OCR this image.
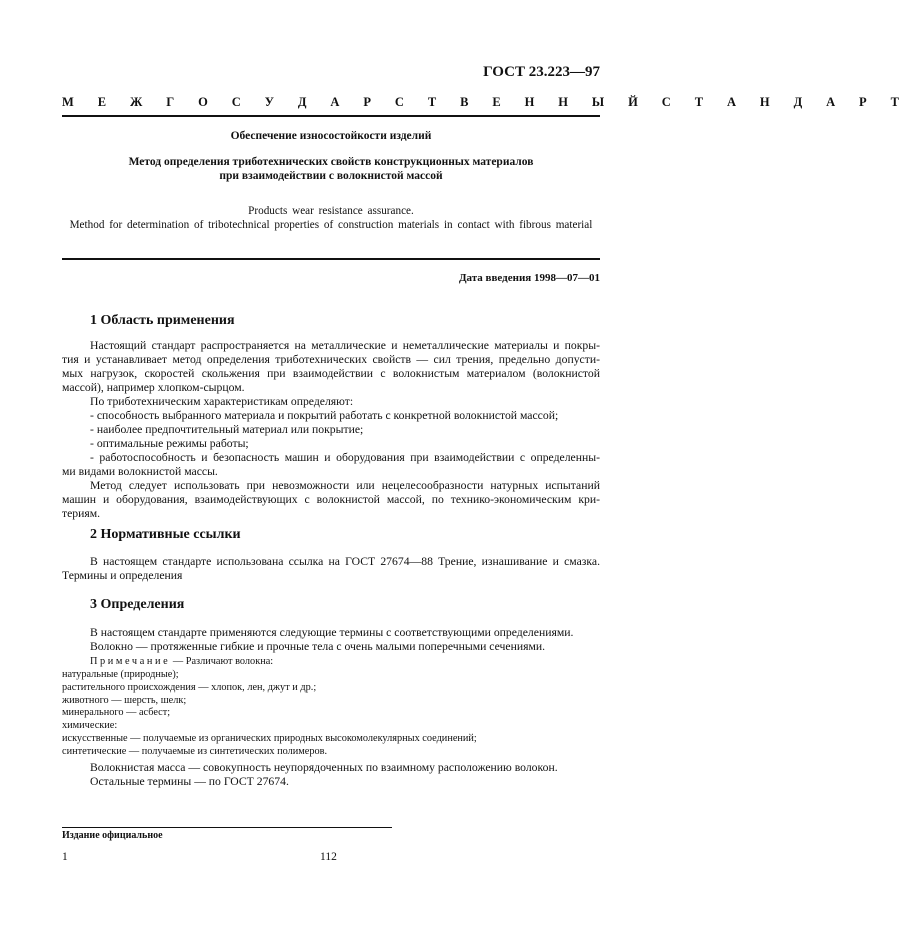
ГОСТ 23.223—97
М Е Ж Г О С У Д А Р С Т В Е Н Н Ы Й С Т А Н Д А Р Т
Обеспечение износостойкости изделий
Метод определения триботехнических свойств конструкционных материалов
при взаимодействии с волокнистой массой
Products wear resistance assurance.
Method for determination of tribotechnical properties of construction materials in contact with fibrous material
Дата введения 1998—07—01
1 Область применения
Настоящий стандарт распространяется на металлические и неметаллические материалы и покры-
тия и устанавливает метод определения триботехнических свойств — сил трения, предельно допусти-
мых нагрузок, скоростей скольжения при взаимодействии с волокнистым материалом (волокнистой
массой), например хлопком-сырцом.
По триботехническим характеристикам определяют:
- способность выбранного материала и покрытий работать с конкретной волокнистой массой;
- наиболее предпочтительный материал или покрытие;
- оптимальные режимы работы;
- работоспособность и безопасность машин и оборудования при взаимодействии с определенны-
ми видами волокнистой массы.
Метод следует использовать при невозможности или нецелесообразности натурных испытаний
машин и оборудования, взаимодействующих с волокнистой массой, по технико-экономическим кри-
териям.
2 Нормативные ссылки
В настоящем стандарте использована ссылка на ГОСТ 27674—88 Трение, изнашивание и смазка.
Термины и определения
3 Определения
В настоящем стандарте применяются следующие термины с соответствующими определениями.
Волокно — протяженные гибкие и прочные тела с очень малыми поперечными сечениями.
Примечание — Различают волокна:
натуральные (природные);
растительного происхождения — хлопок, лен, джут и др.;
животного — шерсть, шелк;
минерального — асбест;
химические:
искусственные — получаемые из органических природных высокомолекулярных соединений;
синтетические — получаемые из синтетических полимеров.
Волокнистая масса — совокупность неупорядоченных по взаимному расположению волокон.
Остальные термины — по ГОСТ 27674.
Издание официальное
1	112
